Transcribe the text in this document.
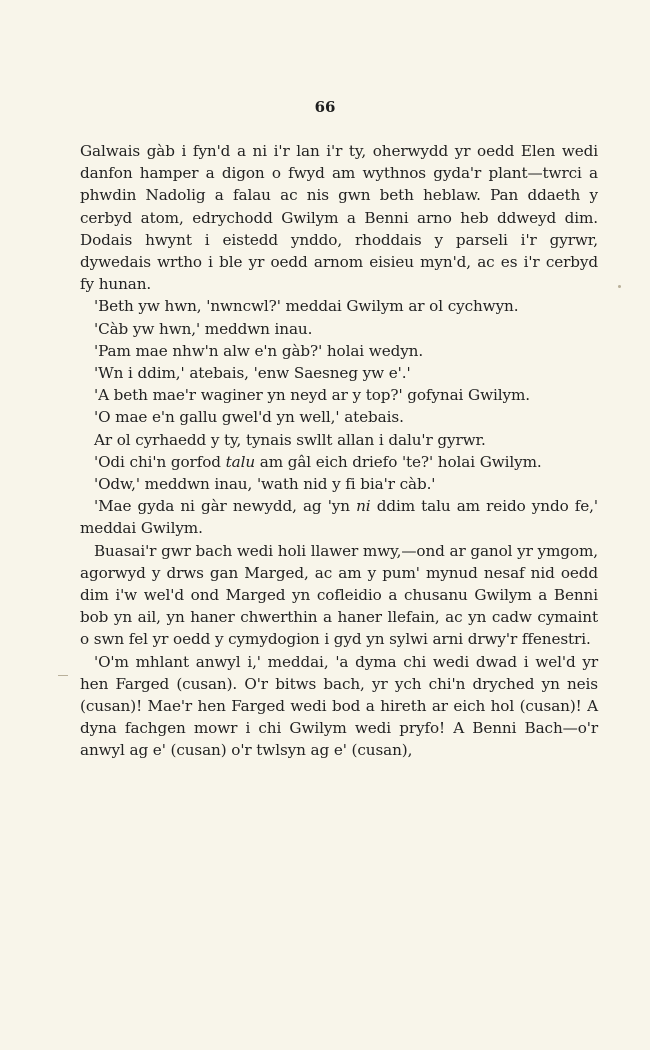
66

Galwais gàb i fyn'd a ni i'r lan i'r ty, oherwydd yr oedd Elen wedi danfon hamper a digon o fwyd am wythnos gyda'r plant—twrci a phwdin Nadolig a falau ac nis gwn beth heblaw. Pan ddaeth y cerbyd atom, edrychodd Gwilym a Benni arno heb ddweyd dim. Dodais hwynt i eistedd ynddo, rhoddais y parseli i'r gyrwr, dywedais wrtho i ble yr oedd arnom eisieu myn'd, ac es i'r cerbyd fy hunan.

'Beth yw hwn, 'nwncwl?' meddai Gwilym ar ol cychwyn.

'Càb yw hwn,' meddwn inau.

'Pam mae nhw'n alw e'n gàb?' holai wedyn.

'Wn i ddim,' atebais, 'enw Saesneg yw e'.'

'A beth mae'r waginer yn neyd ar y top?' gofynai Gwilym.

'O mae e'n gallu gwel'd yn well,' atebais.

Ar ol cyrhaedd y ty, tynais swllt allan i dalu'r gyrwr.

'Odi chi'n gorfod talu am gâl eich driefo 'te?' holai Gwilym.

'Odw,' meddwn inau, 'wath nid y fi bia'r càb.'

'Mae gyda ni gàr newydd, ag 'yn ni ddim talu am reido yndo fe,' meddai Gwilym.

Buasai'r gwr bach wedi holi llawer mwy,—ond ar ganol yr ymgom, agorwyd y drws gan Marged, ac am y pum' mynud nesaf nid oedd dim i'w wel'd ond Marged yn cofleidio a chusanu Gwilym a Benni bob yn ail, yn haner chwerthin a haner llefain, ac yn cadw cymaint o swn fel yr oedd y cymydogion i gyd yn sylwi arni drwy'r ffenestri.

'O'm mhlant anwyl i,' meddai, 'a dyma chi wedi dwad i wel'd yr hen Farged (cusan). O'r bitws bach, yr ych chi'n dryched yn neis (cusan)! Mae'r hen Farged wedi bod a hireth ar eich hol (cusan)! A dyna fachgen mowr i chi Gwilym wedi pryfo! A Benni Bach—o'r anwyl ag e' (cusan) o'r twlsyn ag e' (cusan),
